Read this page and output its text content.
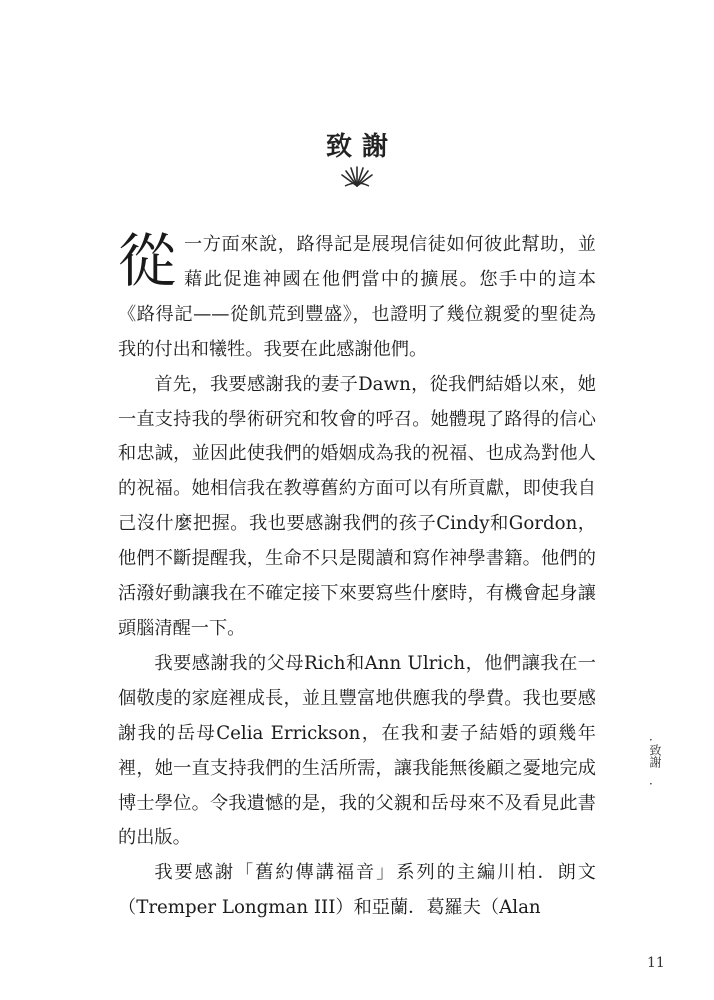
致謝

從 一方面來說，路得記是展現信徒如何彼此幫助，並藉此促進神國在他們當中的擴展。您手中的這本《路得記——從飢荒到豐盛》，也證明了幾位親愛的聖徒為我的付出和犧牲。我要在此感謝他們。

首先，我要感謝我的妻子Dawn，從我們結婚以來，她一直支持我的學術研究和牧會的呼召。她體現了路得的信心和忠誠，並因此使我們的婚姻成為我的祝福、也成為對他人的祝福。她相信我在教導舊約方面可以有所貢獻，即使我自己沒什麼把握。我也要感謝我們的孩子Cindy和Gordon，他們不斷提醒我，生命不只是閱讀和寫作神學書籍。他們的活潑好動讓我在不確定接下來要寫些什麼時，有機會起身讓頭腦清醒一下。

我要感謝我的父母Rich和Ann Ulrich，他們讓我在一個敬虔的家庭裡成長，並且豐富地供應我的學費。我也要感謝我的岳母Celia Errickson，在我和妻子結婚的頭幾年裡，她一直支持我們的生活所需，讓我能無後顧之憂地完成博士學位。令我遺憾的是，我的父親和岳母來不及看見此書的出版。

我要感謝「舊約傳講福音」系列的主編川柏．朗文（Tremper Longman III）和亞蘭．葛羅夫（Alan

．
致謝
．
11
